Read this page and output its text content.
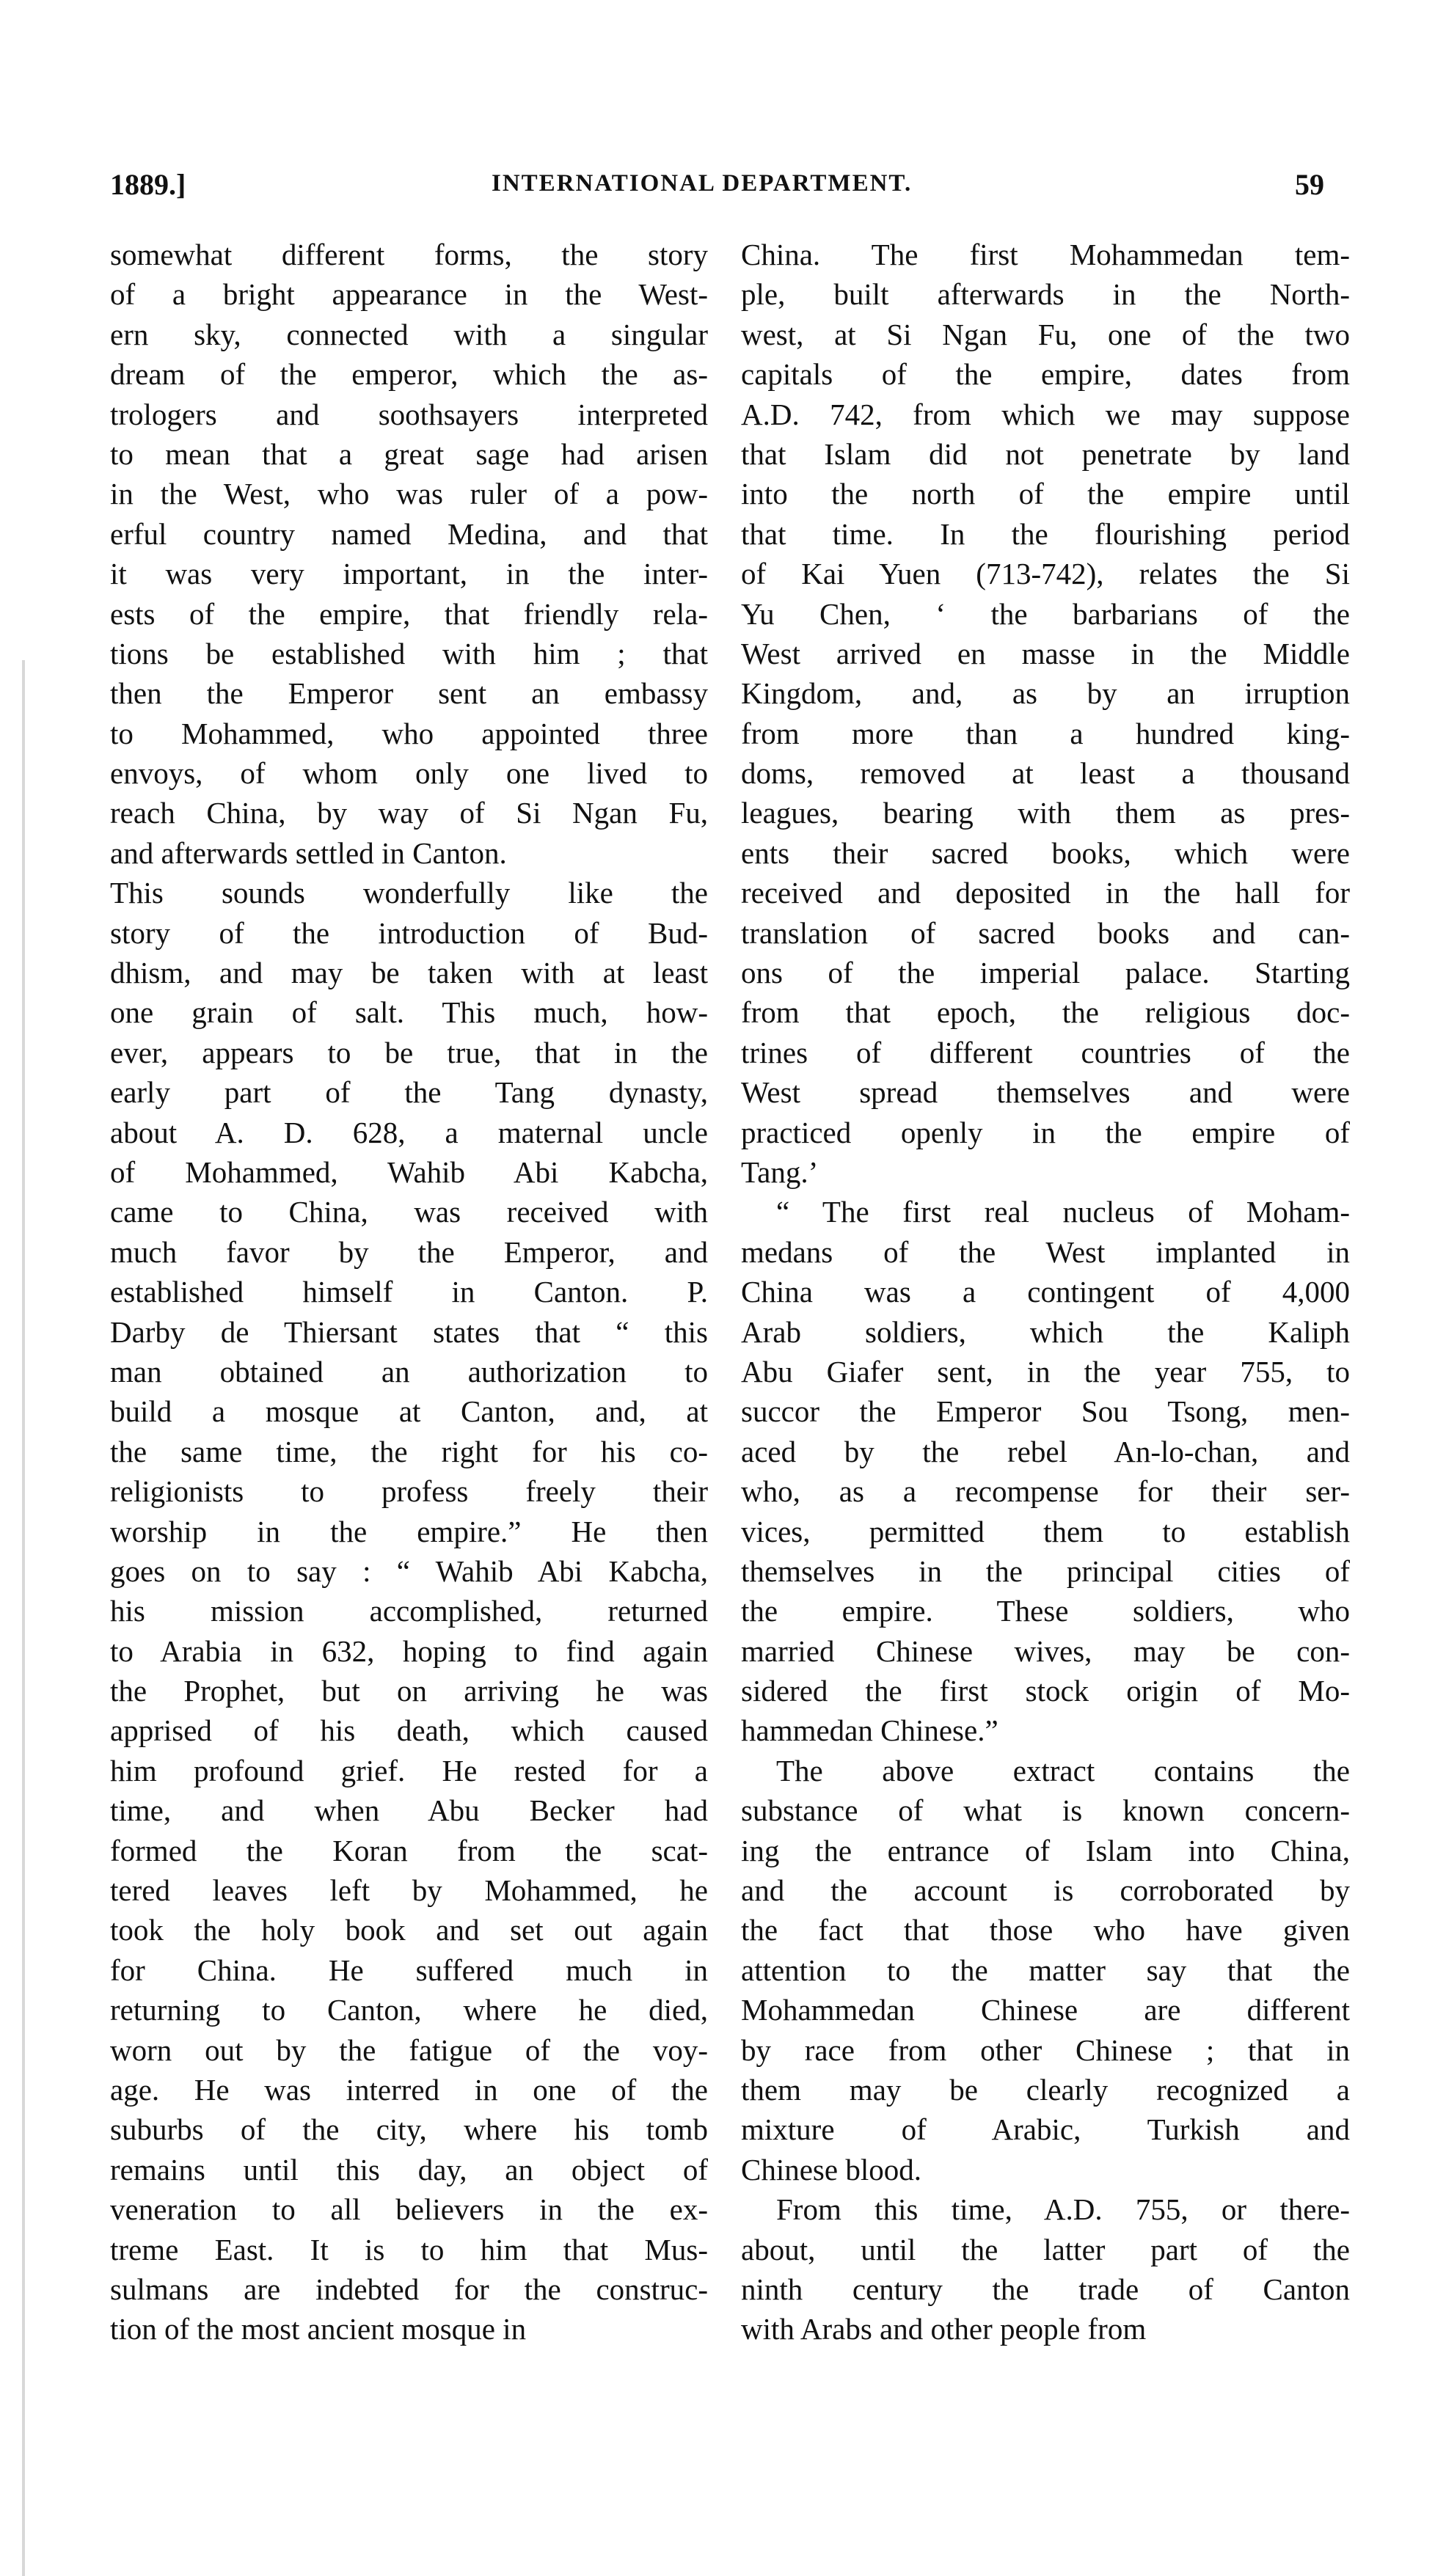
1889.]	INTERNATIONAL DEPARTMENT.	59
somewhat different forms, the story
of a bright appearance in the West-
ern sky, connected with a singular
dream of the emperor, which the as-
trologers and soothsayers interpreted
to mean that a great sage had arisen
in the West, who was ruler of a pow-
erful country named Medina, and that
it was very important, in the inter-
ests of the empire, that friendly rela-
tions be established with him ; that
then the Emperor sent an embassy
to Mohammed, who appointed three
envoys, of whom only one lived to
reach China, by way of Si Ngan Fu,
and afterwards settled in Canton.
This sounds wonderfully like the
story of the introduction of Bud-
dhism, and may be taken with at least
one grain of salt. This much, how-
ever, appears to be true, that in the
early part of the Tang dynasty,
about A. D. 628, a maternal uncle
of Mohammed, Wahib Abi Kabcha,
came to China, was received with
much favor by the Emperor, and
established himself in Canton. P.
Darby de Thiersant states that “ this
man obtained an authorization to
build a mosque at Canton, and, at
the same time, the right for his co-
religionists to profess freely their
worship in the empire.” He then
goes on to say : “ Wahib Abi Kabcha,
his mission accomplished, returned
to Arabia in 632, hoping to find again
the Prophet, but on arriving he was
apprised of his death, which caused
him profound grief. He rested for a
time, and when Abu Becker had
formed the Koran from the scat-
tered leaves left by Mohammed, he
took the holy book and set out again
for China. He suffered much in
returning to Canton, where he died,
worn out by the fatigue of the voy-
age. He was interred in one of the
suburbs of the city, where his tomb
remains until this day, an object of
veneration to all believers in the ex-
treme East. It is to him that Mus-
sulmans are indebted for the construc-
tion of the most ancient mosque in
China. The first Mohammedan tem-
ple, built afterwards in the North-
west, at Si Ngan Fu, one of the two
capitals of the empire, dates from
A.D. 742, from which we may suppose
that Islam did not penetrate by land
into the north of the empire until
that time. In the flourishing period
of Kai Yuen (713-742), relates the Si
Yu Chen, ‘ the barbarians of the
West arrived en masse in the Middle
Kingdom, and, as by an irruption
from more than a hundred king-
doms, removed at least a thousand
leagues, bearing with them as pres-
ents their sacred books, which were
received and deposited in the hall for
translation of sacred books and can-
ons of the imperial palace. Starting
from that epoch, the religious doc-
trines of different countries of the
West spread themselves and were
practiced openly in the empire of
Tang.’
“ The first real nucleus of Moham-
medans of the West implanted in
China was a contingent of 4,000
Arab soldiers, which the Kaliph
Abu Giafer sent, in the year 755, to
succor the Emperor Sou Tsong, men-
aced by the rebel An-lo-chan, and
who, as a recompense for their ser-
vices, permitted them to establish
themselves in the principal cities of
the empire. These soldiers, who
married Chinese wives, may be con-
sidered the first stock origin of Mo-
hammedan Chinese.”
The above extract contains the
substance of what is known concern-
ing the entrance of Islam into China,
and the account is corroborated by
the fact that those who have given
attention to the matter say that the
Mohammedan Chinese are different
by race from other Chinese ; that in
them may be clearly recognized a
mixture of Arabic, Turkish and
Chinese blood.
From this time, A.D. 755, or there-
about, until the latter part of the
ninth century the trade of Canton
with Arabs and other people from
